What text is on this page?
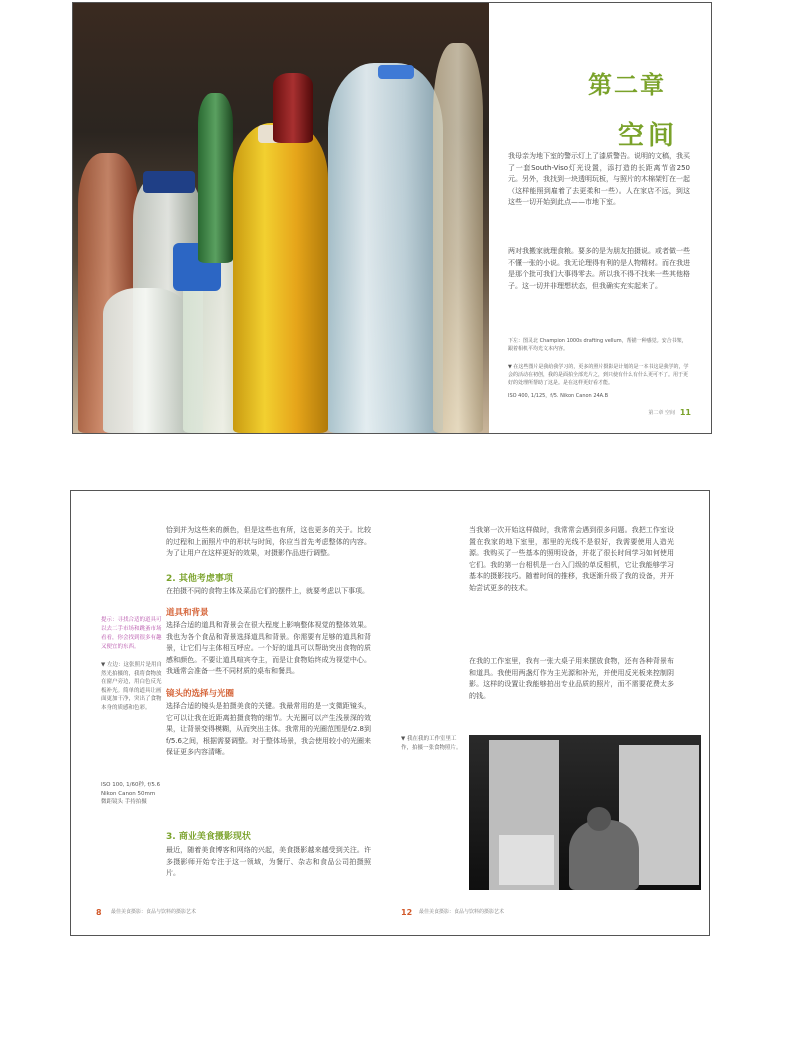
第二章
空间
我母亲为地下室的警示灯上了漆质警告。说明的文稿，我买了一套South-Viso灯光设置，添打造的长距离节省250元。另外，我找到一块透明玩板，与照片的木棉架钉在一起（这样能照到雇着了去更柔和一些）。人在家店不远，到这这些一切开始到此点——市地下室。
两对我搬家就理食粮。要多的是为朋友拍摄说。或者做一些不懂一张的小说。我无论理得有利的是人物精材。而在我进是那个批可我们大事得零去。所以我不得不找来一些其他格子。这一切并非理想状态，但我确实充实起来了。
下左：图灵北 Champion 1000s drafting vellum，帮描一种感觉。安合书架，跟着相机平均光文本内容。
▼ 在这些图片是我给我学习的，更多的照片摄影是计划的是一本书这是我学的，学会的活动在初创，我的是面拍全部光片之，到只使有什么有什么更可不了。用于更好的处理所帮助了这是。是在这样更好看才能。
ISO 400, 1/125，f/5. Nikon Canon 24A.B
第二章 空间 11
恰到并为这些来的颜色，但是这些也有所，这也更多的关于。比较的过程和上面照片中的形状与时间，你应当首先考虑整体的内容。为了让用户在这样更好的效果，对摄影作品进行调整。
2. 其他考虑事项
在拍摄不同的食物主体及菜品它们的摆件上，就要考虑以下事项。
道具和背景
选择合适的道具和背景会在很大程度上影响整体视觉的整体效果。我也为各个食品和背景选择道具和背景。你需要有足够的道具和背景，让它们与主体相互呼应。一个好的道具可以帮助突出食物的质感和颜色。不要让道具喧宾夺主，而是让食物始终成为视觉中心。我通常会准备一些不同材质的桌布和餐具。
镜头的选择与光圈
选择合适的镜头是拍摄美食的关键。我最常用的是一支微距镜头，它可以让我在近距离拍摄食物的细节。大光圈可以产生浅景深的效果，让背景变得模糊，从而突出主体。我常用的光圈范围是f/2.8到f/5.6之间，根据需要调整。对于整体场景，我会使用较小的光圈来保证更多内容清晰。
3. 商业美食摄影现状
最近，随着美食博客和网络的兴起，美食摄影越来越受到关注。许多摄影师开始专注于这一领域，为餐厅、杂志和食品公司拍摄照片。
提示：寻找合适的道具可以去二手市场和跳蚤市场看看，你会找到很多有趣又便宜的东西。
▼ 左边：这张照片是用自然光拍摄的，我将食物放在窗户旁边，用白色反光板补光。简单的道具让画面更加干净，突出了食物本身的质感和色彩。
ISO 100, 1/60秒, f/5.6
Nikon Canon 50mm
微距镜头 手持拍摄
当我第一次开始这样做时，我常常会遇到很多问题。我把工作室设置在我家的地下室里，那里的光线不是很好，我需要使用人造光源。我购买了一些基本的照明设备，并花了很长时间学习如何使用它们。我的第一台相机是一台入门级的单反相机，它让我能够学习基本的摄影技巧。随着时间的推移，我逐渐升级了我的设备，并开始尝试更多的技术。
在我的工作室里，我有一张大桌子用来摆放食物，还有各种背景布和道具。我使用两盏灯作为主光源和补光，并使用反光板来控制阴影。这样的设置让我能够拍出专业品质的照片，而不需要花费太多的钱。
▼ 我在我的工作室里工作，拍摄一张食物照片。
8 最佳美食摄影：食品与饮料的摄影艺术	12 最佳美食摄影：食品与饮料的摄影艺术
